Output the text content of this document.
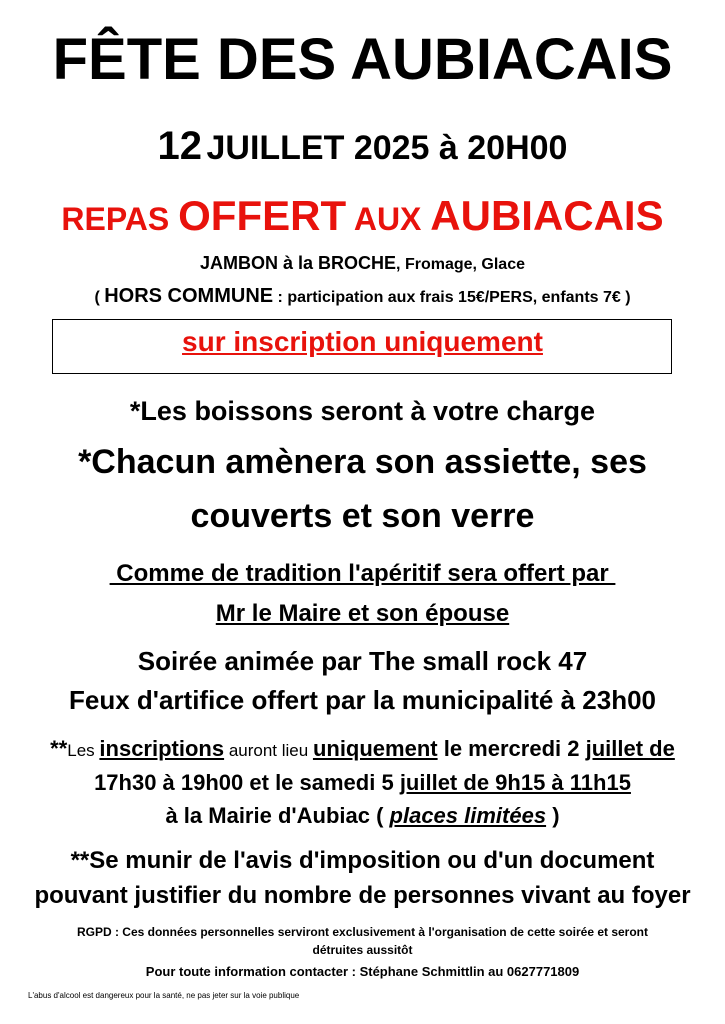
FÊTE DES AUBIACAIS
12 JUILLET 2025 à 20H00
REPAS OFFERT AUX AUBIACAIS
JAMBON à la BROCHE, Fromage, Glace
( HORS COMMUNE : participation aux frais 15€/PERS, enfants 7€ )
sur inscription uniquement
*Les boissons seront à votre charge
*Chacun amènera son assiette, ses
couverts et son verre
Comme de tradition l'apéritif sera offert par
Mr le Maire et son épouse
Soirée animée par The small rock 47
Feux d'artifice offert par la municipalité à 23h00
**Les inscriptions auront lieu uniquement le mercredi 2 juillet de
17h30 à 19h00 et le samedi 5 juillet de 9h15 à 11h15
à la Mairie d'Aubiac ( places limitées )
**Se munir de l'avis d'imposition ou d'un document
pouvant justifier du nombre de personnes vivant au foyer
RGPD : Ces données personnelles serviront exclusivement à l'organisation de cette soirée et seront
détruites aussitôt
Pour toute information contacter : Stéphane Schmittlin au 0627771809
L'abus d'alcool est dangereux pour la santé, ne pas jeter sur la voie publique
